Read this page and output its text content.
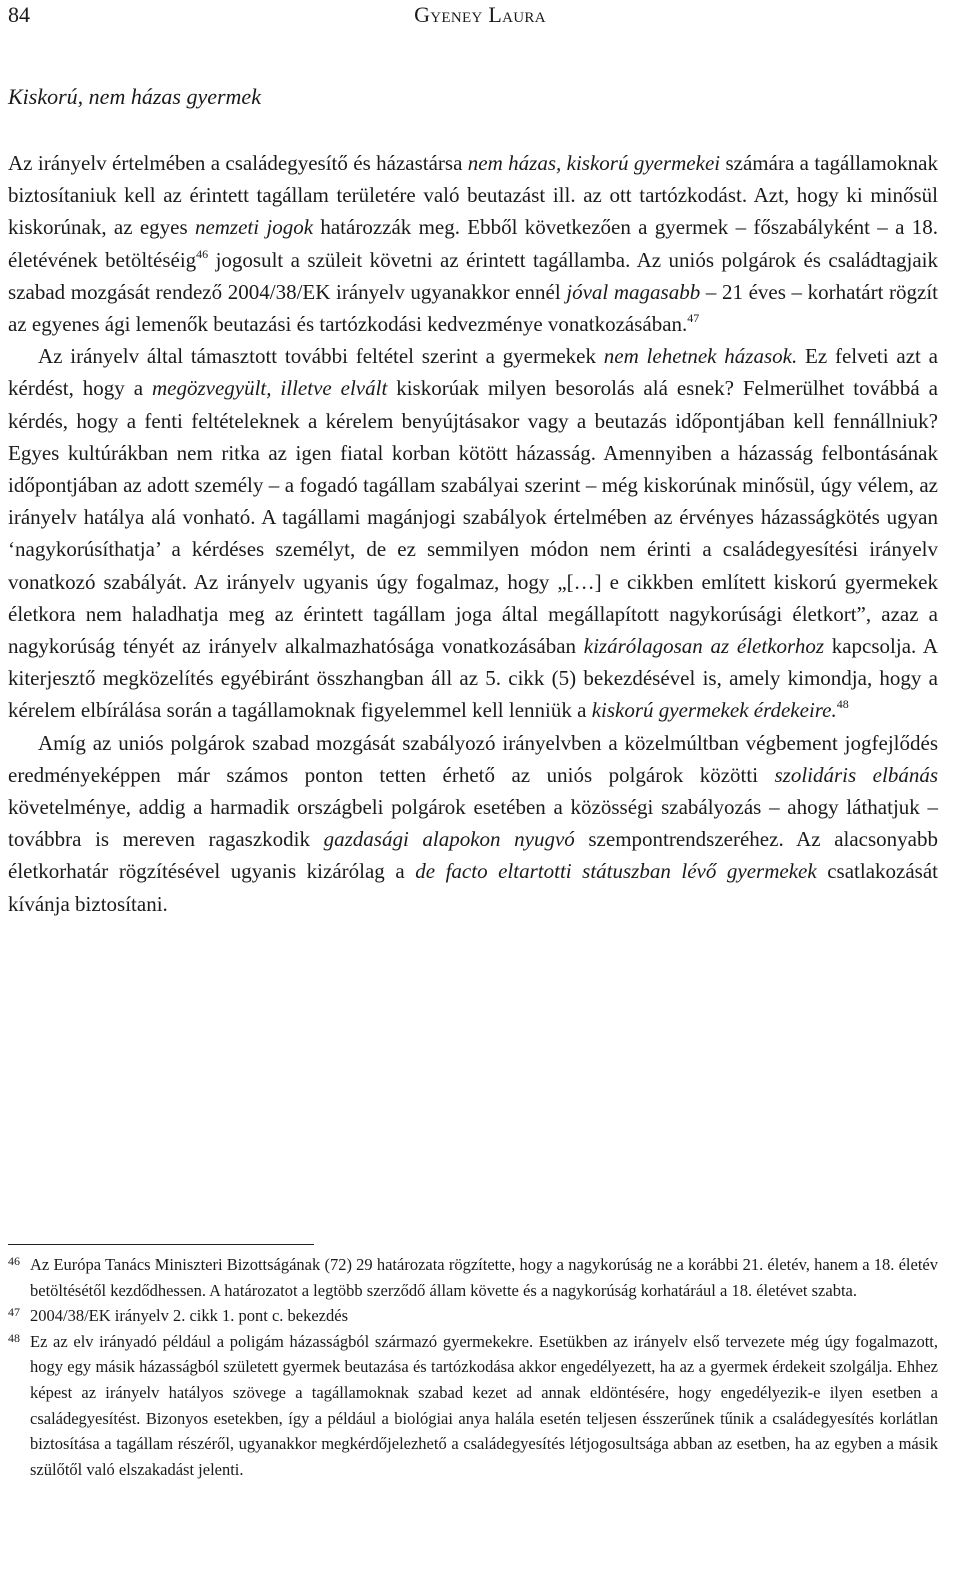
84	Gyeney Laura
Kiskorú, nem házas gyermek

Az irányelv értelmében a családegyesítő és házastársa nem házas, kiskorú gyermekei számára a tagállamoknak biztosítaniuk kell az érintett tagállam területére való beutazást ill. az ott tartózkodást. Azt, hogy ki minősül kiskorúnak, az egyes nemzeti jogok határozzák meg. Ebből következően a gyermek – főszabályként – a 18. életévének betöltéséig$^{46}$ jogosult a szüleit követni az érintett tagállamba. Az uniós polgárok és családtagjaik szabad mozgását rendező 2004/38/EK irányelv ugyanakkor ennél jóval magasabb – 21 éves – korhatárt rögzít az egyenes ági lemenők beutazási és tartózkodási kedvezménye vonatkozásában.$^{47}$

Az irányelv által támasztott további feltétel szerint a gyermekek nem lehetnek házasok. Ez felveti azt a kérdést, hogy a megözvegyült, illetve elvált kiskorúak milyen besorolás alá esnek? Felmerülhet továbbá a kérdés, hogy a fenti feltételeknek a kérelem benyújtásakor vagy a beutazás időpontjában kell fennállniuk? Egyes kultúrákban nem ritka az igen fiatal korban kötött házasság. Amennyiben a házasság felbontásának időpontjában az adott személy – a fogadó tagállam szabályai szerint – még kiskorúnak minősül, úgy vélem, az irányelv hatálya alá vonható. A tagállami magánjogi szabályok értelmében az érvényes házasságkötés ugyan ‘nagykorúsíthatja’ a kérdéses személyt, de ez semmilyen módon nem érinti a családegyesítési irányelv vonatkozó szabályát. Az irányelv ugyanis úgy fogalmaz, hogy „[…] e cikkben említett kiskorú gyermekek életkora nem haladhatja meg az érintett tagállam joga által megállapított nagykorúsági életkort”, azaz a nagykorúság tényét az irányelv alkalmazhatósága vonatkozásában kizárólagosan az életkorhoz kapcsolja. A kiterjesztő megközelítés egyébiránt összhangban áll az 5. cikk (5) bekezdésével is, amely kimondja, hogy a kérelem elbírálása során a tagállamoknak figyelemmel kell lenniük a kiskorú gyermekek érdekeire.$^{48}$

Amíg az uniós polgárok szabad mozgását szabályozó irányelvben a közelmúltban végbement jogfejlődés eredményeképpen már számos ponton tetten érhető az uniós polgárok közötti szolidáris elbánás követelménye, addig a harmadik országbeli polgárok esetében a közösségi szabályozás – ahogy láthatjuk – továbbra is mereven ragaszkodik gazdasági alapokon nyugvó szempontrendszeréhez. Az alacsonyabb életkorhatár rögzítésével ugyanis kizárólag a de facto eltartotti státuszban lévő gyermekek csatlakozását kívánja biztosítani.

46 Az Európa Tanács Miniszteri Bizottságának (72) 29 határozata rögzítette, hogy a nagykorúság ne a korábbi 21. életév, hanem a 18. életév betöltésétől kezdődhessen. A határozatot a legtöbb szerződő állam követte és a nagykorúság korhatárául a 18. életévet szabta.
47 2004/38/EK irányelv 2. cikk 1. pont c. bekezdés
48 Ez az elv irányadó például a poligám házasságból származó gyermekekre. Esetükben az irányelv első tervezete még úgy fogalmazott, hogy egy másik házasságból született gyermek beutazása és tartózkodása akkor engedélyezett, ha az a gyermek érdekeit szolgálja. Ehhez képest az irányelv hatályos szövege a tagállamoknak szabad kezet ad annak eldöntésére, hogy engedélyezik-e ilyen esetben a családegyesítést. Bizonyos esetekben, így a például a biológiai anya halála esetén teljesen ésszerűnek tűnik a családegyesítés korlátlan biztosítása a tagállam részéről, ugyanakkor megkérdőjelezhető a családegyesítés létjogosultsága abban az esetben, ha az egyben a másik szülőtől való elszakadást jelenti.
